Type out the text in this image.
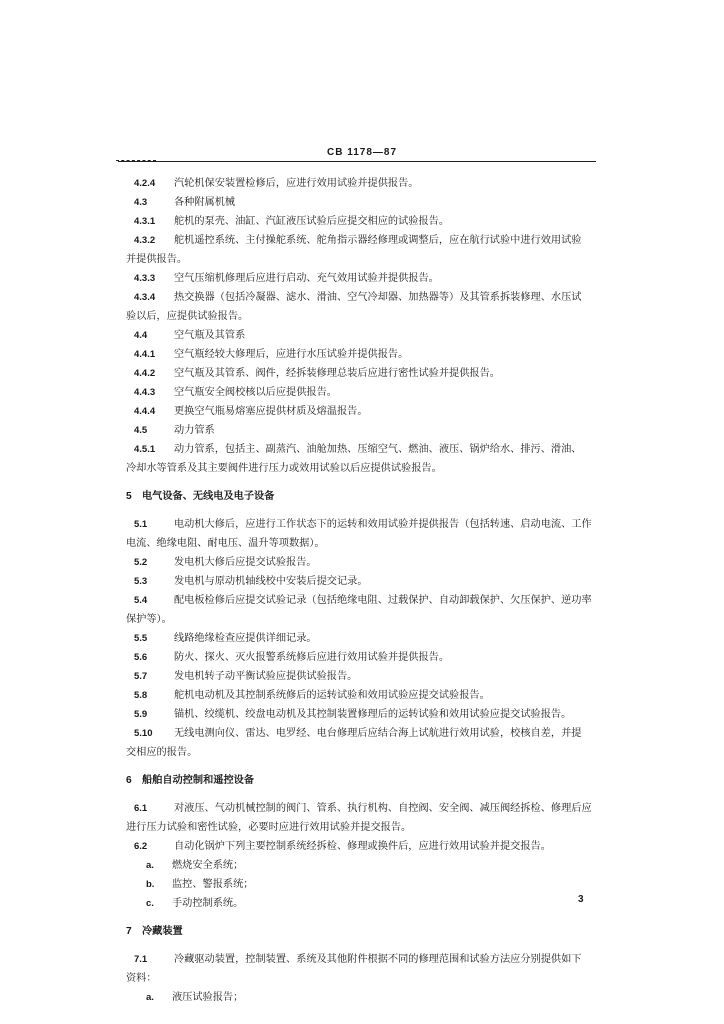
CB 1178—87
4.2.4 汽轮机保安装置检修后，应进行效用试验并提供报告。
4.3	各种附属机械
4.3.1 舵机的泵壳、油缸、汽缸液压试验后应提交相应的试验报告。
4.3.2 舵机遥控系统、主付操舵系统、舵角指示器经修理或调整后，应在航行试验中进行效用试验
并提供报告。
4.3.3 空气压缩机修理后应进行启动、充气效用试验并提供报告。
4.3.4 热交换器（包括冷凝器、滤水、滑油、空气冷却器、加热器等）及其管系拆装修理、水压试
验以后，应提供试验报告。
4.4	空气瓶及其管系
4.4.1 空气瓶经较大修理后，应进行水压试验并提供报告。
4.4.2 空气瓶及其管系、阀件，经拆装修理总装后应进行密性试验并提供报告。
4.4.3 空气瓶安全阀校核以后应提供报告。
4.4.4 更换空气瓶易熔塞应提供材质及熔温报告。
4.5	动力管系
4.5.1 动力管系，包括主、副蒸汽、油舱加热、压缩空气、燃油、液压、锅炉给水、排污、滑油、
冷却水等管系及其主要阀件进行压力或效用试验以后应提供试验报告。
5 电气设备、无线电及电子设备
5.1	电动机大修后，应进行工作状态下的运转和效用试验并提供报告（包括转速、启动电流、工作
电流、绝缘电阻、耐电压、温升等项数据）。
5.2	发电机大修后应提交试验报告。
5.3	发电机与原动机轴线校中安装后提交记录。
5.4	配电板检修后应提交试验记录（包括绝缘电阻、过载保护、自动卸载保护、欠压保护、逆功率
保护等）。
5.5	线路绝缘检查应提供详细记录。
5.6	防火、探火、灭火报警系统修后应进行效用试验并提供报告。
5.7	发电机转子动平衡试验应提供试验报告。
5.8	舵机电动机及其控制系统修后的运转试验和效用试验应提交试验报告。
5.9	锚机、绞缆机、绞盘电动机及其控制装置修理后的运转试验和效用试验应提交试验报告。
5.10 无线电测向仪、雷达、电罗经、电台修理后应结合海上试航进行效用试验，校核自差，并提
交相应的报告。
6 船舶自动控制和遥控设备
6.1	对液压、气动机械控制的阀门、管系、执行机构、自控阀、安全阀、减压阀经拆检、修理后应
进行压力试验和密性试验，必要时应进行效用试验并提交报告。
6.2	自动化锅炉下列主要控制系统经拆检、修理或换件后，应进行效用试验并提交报告。
a. 燃烧安全系统；
b. 监控、警报系统；
c. 手动控制系统。
7 冷藏装置
7.1	冷藏驱动装置，控制装置、系统及其他附件根据不同的修理范围和试验方法应分别提供如下
资料：
a. 液压试验报告；
3
